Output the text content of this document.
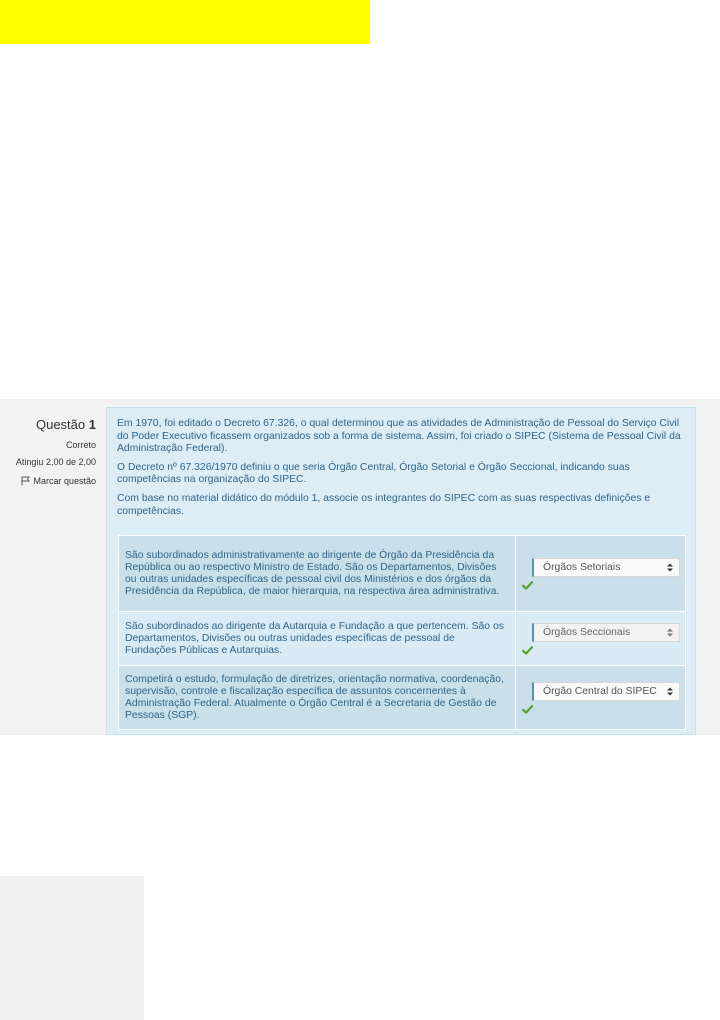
Questão 1
Correto
Atingiu 2,00 de 2,00
Marcar questão

Em 1970, foi editado o Decreto 67.326, o qual determinou que as atividades de Administração de Pessoal do Serviço Civil do Poder Executivo ficassem organizados sob a forma de sistema. Assim, foi criado o SIPEC (Sistema de Pessoal Civil da Administração Federal).

O Decreto nº 67.326/1970 definiu o que seria Órgão Central, Órgão Setorial e Órgão Seccional, indicando suas competências na organização do SIPEC.

Com base no material didático do módulo 1, associe os integrantes do SIPEC com as suas respectivas definições e competências.

São subordinados administrativamente ao dirigente de Órgão da Presidência da República ou ao respectivo Ministro de Estado. São os Departamentos, Divisões ou outras unidades específicas de pessoal civil dos Ministérios e dos órgãos da Presidência da República, de maior hierarquia, na respectiva área administrativa.	Órgãos Setoriais

São subordinados ao dirigente da Autarquia e Fundação a que pertencem. São os Departamentos, Divisões ou outras unidades específicas de pessoal de Fundações Públicas e Autarquias.	Órgãos Seccionais

Competirá o estudo, formulação de diretrizes, orientação normativa, coordenação, supervisão, controle e fiscalização específica de assuntos concernentes à Administração Federal. Atualmente o Órgão Central é a Secretaria de Gestão de Pessoas (SGP).	Órgão Central do SIPEC
